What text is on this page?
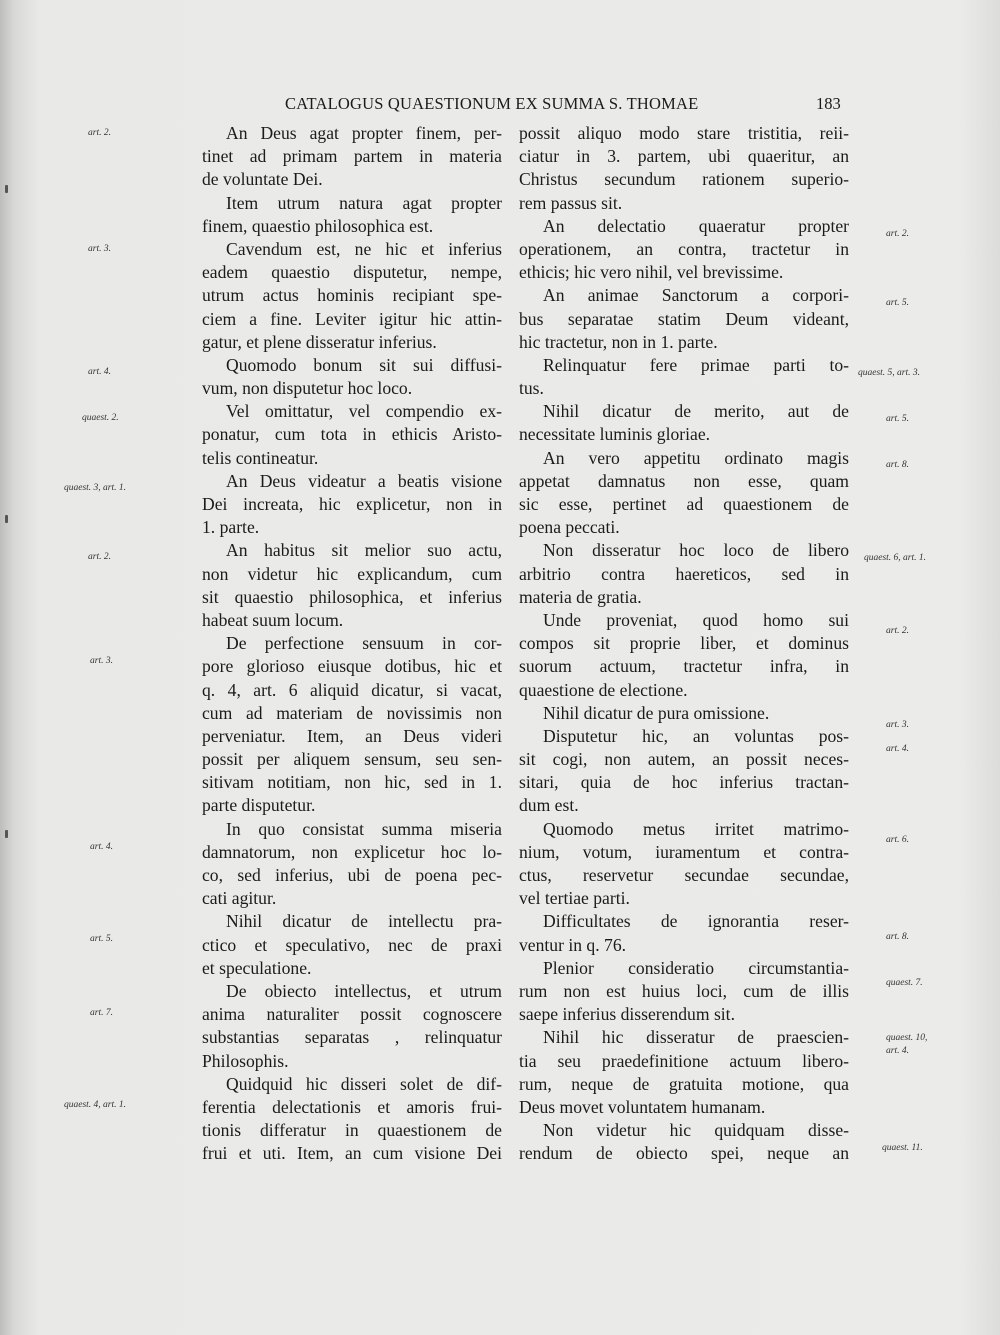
CATALOGUS QUAESTIONUM EX SUMMA S. THOMAE	183
An Deus agat propter finem, per-
tinet ad primam partem in materia
de voluntate Dei.
Item utrum natura agat propter
finem, quaestio philosophica est.
Cavendum est, ne hic et inferius
eadem quaestio disputetur, nempe,
utrum actus hominis recipiant spe-
ciem a fine. Leviter igitur hic attin-
gatur, et plene disseratur inferius.
Quomodo bonum sit sui diffusi-
vum, non disputetur hoc loco.
Vel omittatur, vel compendio ex-
ponatur, cum tota in ethicis Aristo-
telis contineatur.
An Deus videatur a beatis visione
Dei increata, hic explicetur, non in
1. parte.
An habitus sit melior suo actu,
non videtur hic explicandum, cum
sit quaestio philosophica, et inferius
habeat suum locum.
De perfectione sensuum in cor-
pore glorioso eiusque dotibus, hic et
q. 4, art. 6 aliquid dicatur, si vacat,
cum ad materiam de novissimis non
perveniatur. Item, an Deus videri
possit per aliquem sensum, seu sen-
sitivam notitiam, non hic, sed in 1.
parte disputetur.
In quo consistat summa miseria
damnatorum, non explicetur hoc lo-
co, sed inferius, ubi de poena pec-
cati agitur.
Nihil dicatur de intellectu pra-
ctico et speculativo, nec de praxi
et speculatione.
De obiecto intellectus, et utrum
anima naturaliter possit cognoscere
substantias separatas , relinquatur
Philosophis.
Quidquid hic disseri solet de dif-
ferentia delectationis et amoris frui-
tionis differatur in quaestionem de
frui et uti. Item, an cum visione Dei
possit aliquo modo stare tristitia, reii-
ciatur in 3. partem, ubi quaeritur, an
Christus secundum rationem superio-
rem passus sit.
An delectatio quaeratur propter
operationem, an contra, tractetur in
ethicis; hic vero nihil, vel brevissime.
An animae Sanctorum a corpori-
bus separatae statim Deum videant,
hic tractetur, non in 1. parte.
Relinquatur fere primae parti to-
tus.
Nihil dicatur de merito, aut de
necessitate luminis gloriae.
An vero appetitu ordinato magis
appetat damnatus non esse, quam
sic esse, pertinet ad quaestionem de
poena peccati.
Non disseratur hoc loco de libero
arbitrio contra haereticos, sed in
materia de gratia.
Unde proveniat, quod homo sui
compos sit proprie liber, et dominus
suorum actuum, tractetur infra, in
quaestione de electione.
Nihil dicatur de pura omissione.
Disputetur hic, an voluntas pos-
sit cogi, non autem, an possit neces-
sitari, quia de hoc inferius tractan-
dum est.
Quomodo metus irritet matrimo-
nium, votum, iuramentum et contra-
ctus, reservetur secundae secundae,
vel tertiae parti.
Difficultates de ignorantia reser-
ventur in q. 76.
Plenior consideratio circumstantia-
rum non est huius loci, cum de illis
saepe inferius disserendum sit.
Nihil hic disseratur de praescien-
tia seu praedefinitione actuum libero-
rum, neque de gratuita motione, qua
Deus movet voluntatem humanam.
Non videtur hic quidquam disse-
rendum de obiecto spei, neque an
art. 2.
art. 3.
art. 4.
quaest. 2.
quaest. 3, art. 1.
art. 2.
art. 3.
art. 4.
art. 5.
art. 7.
quaest. 4, art. 1.
art. 2.
art. 5.
quaest. 5, art. 3.
art. 5.
art. 8.
quaest. 6, art. 1.
art. 2.
art. 3.
art. 4.
art. 6.
art. 8.
quaest. 7.
quaest. 10,
art. 4.
quaest. 11.
